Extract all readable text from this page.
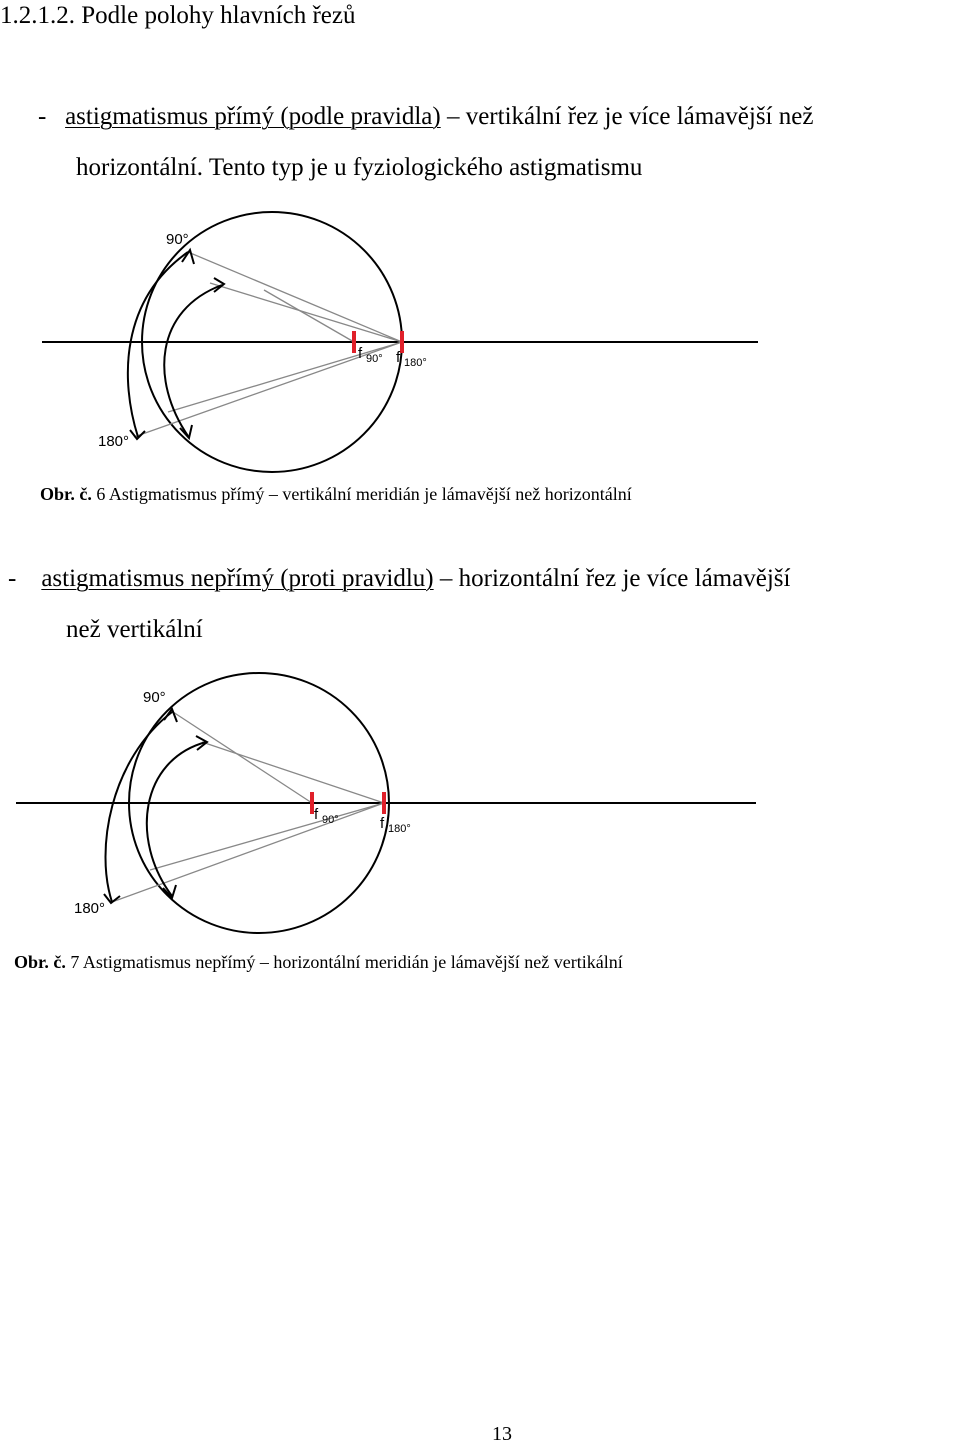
1.2.1.2. Podle polohy hlavních řezů
- astigmatismus přímý (podle pravidla) – vertikální řez je více lámavější než
horizontální. Tento typ je u fyziologického astigmatismu
90°
180°
f 90° f 180°
Obr. č. 6 Astigmatismus přímý – vertikální meridián je lámavější než horizontální
- astigmatismus nepřímý (proti pravidlu) – horizontální řez je více lámavější
než vertikální
90°
180°
f 90°	f 180°
Obr. č. 7 Astigmatismus nepřímý – horizontální meridián je lámavější než vertikální
13
